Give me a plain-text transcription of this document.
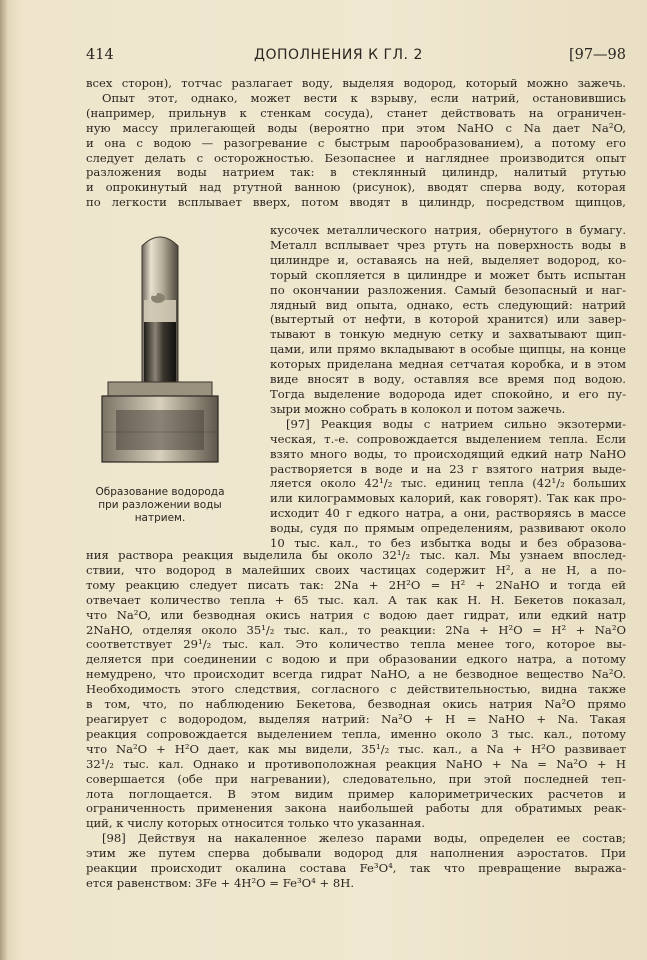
414	ДОПОЛНЕНИЯ К ГЛ. 2	[97—98
всех сторон), тотчас разлагает воду, выделяя водород, который можно зажечь.
Опыт этот, однако, может вести к взрыву, если натрий, остановившись
(например, прильнув к стенкам сосуда), станет действовать на ограничен-
ную массу прилегающей воды (вероятно при этом NaHO с Na дает Na²O,
и она с водою — разогревание с быстрым парообразованием), а потому его
следует делать с осторожностью. Безопаснее и нагляднее производится опыт
разложения воды натрием так: в стеклянный цилиндр, налитый ртутью
и опрокинутый над ртутной ванною (рисунок), вводят сперва воду, которая
по легкости всплывает вверх, потом вводят в цилиндр, посредством щипцов,
Образование водорода
при разложении воды
натрием.
кусочек металлического натрия, обернутого в бумагу.
Металл всплывает чрез ртуть на поверхность воды в
цилиндре и, оставаясь на ней, выделяет водород, ко-
торый скопляется в цилиндре и может быть испытан
по окончании разложения. Самый безопасный и наг-
лядный вид опыта, однако, есть следующий: натрий
(вытертый от нефти, в которой хранится) или завер-
тывают в тонкую медную сетку и захватывают щип-
цами, или прямо вкладывают в особые щипцы, на конце
которых приделана медная сетчатая коробка, и в этом
виде вносят в воду, оставляя все время под водою.
Тогда выделение водорода идет спокойно, и его пу-
зыри можно собрать в колокол и потом зажечь.
[97] Реакция воды с натрием сильно экзотерми-
ческая, т.-е. сопровождается выделением тепла. Если
взято много воды, то происходящий едкий натр NaHO
растворяется в воде и на 23 г взятого натрия выде-
ляется около 42¹/₂ тыс. единиц тепла (42¹/₂ больших
или килограммовых калорий, как говорят). Так как про-
исходит 40 г едкого натра, а они, растворяясь в массе
воды, судя по прямым определениям, развивают около
10 тыс. кал., то без избытка воды и без образова-
ния раствора реакция выделила бы около 32¹/₂ тыс. кал. Мы узнаем впослед-
ствии, что водород в малейших своих частицах содержит H², а не H, а по-
тому реакцию следует писать так: 2Na + 2H²O = H² + 2NaHO и тогда ей
отвечает количество тепла + 65 тыс. кал. А так как Н. Н. Бекетов показал,
что Na²O, или безводная окись натрия с водою дает гидрат, или едкий натр
2NaHO, отделяя около 35¹/₂ тыс. кал., то реакции: 2Na + H²O = H² + Na²O
соответствует 29¹/₂ тыс. кал. Это количество тепла менее того, которое вы-
деляется при соединении с водою и при образовании едкого натра, а потому
немудрено, что происходит всегда гидрат NaHO, а не безводное вещество Na²O.
Необходимость этого следствия, согласного с действительностью, видна также
в том, что, по наблюдению Бекетова, безводная окись натрия Na²O прямо
реагирует с водородом, выделяя натрий: Na²O + H = NaHO + Na. Такая
реакция сопровождается выделением тепла, именно около 3 тыс. кал., потому
что Na²O + H²O дает, как мы видели, 35¹/₂ тыс. кал., а Na + H²O развивает
32¹/₂ тыс. кал. Однако и противоположная реакция NaHO + Na = Na²O + H
совершается (обе при нагревании), следовательно, при этой последней теп-
лота поглощается. В этом видим пример калориметрических расчетов и
ограниченность применения закона наибольшей работы для обратимых реак-
ций, к числу которых относится только что указанная.
[98] Действуя на накаленное железо парами воды, определен ее состав;
этим же путем сперва добывали водород для наполнения аэростатов. При
реакции происходит окалина состава Fe³O⁴, так что превращение выража-
ется равенством: 3Fe + 4H²O = Fe³O⁴ + 8H.
